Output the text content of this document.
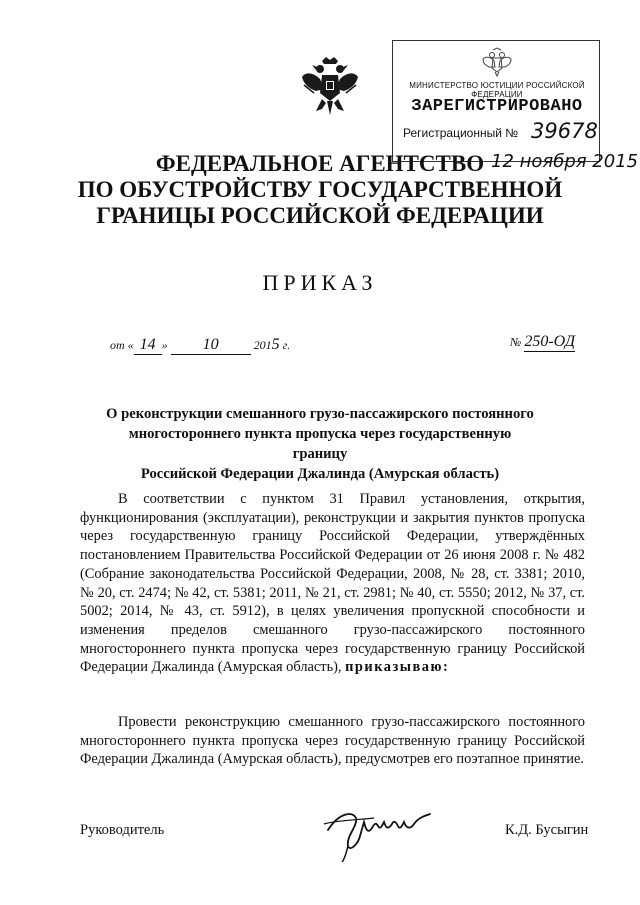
МИНИСТЕРСТВО ЮСТИЦИИ РОССИЙСКОЙ ФЕДЕРАЦИИ
ЗАРЕГИСТРИРОВАНО
Регистрационный № 39678
12 ноября 2015
ФЕДЕРАЛЬНОЕ АГЕНТСТВО
ПО ОБУСТРОЙСТВУ ГОСУДАРСТВЕННОЙ
ГРАНИЦЫ РОССИЙСКОЙ ФЕДЕРАЦИИ
ПРИКАЗ
от « 14 » 10	2015 г.	№ 250-ОД
О реконструкции смешанного грузо-пассажирского постоянного
многостороннего пункта пропуска через государственную границу
Российской Федерации Джалинда (Амурская область)
В соответствии с пунктом 31 Правил установления, открытия, функционирования (эксплуатации), реконструкции и закрытия пунктов пропуска через государственную границу Российской Федерации, утверждённых постановлением Правительства Российской Федерации от 26 июня 2008 г. № 482 (Собрание законодательства Российской Федерации, 2008, № 28, ст. 3381; 2010, № 20, ст. 2474; № 42, ст. 5381; 2011, № 21, ст. 2981; № 40, ст. 5550; 2012, № 37, ст. 5002; 2014, № 43, ст. 5912), в целях увеличения пропускной способности и изменения пределов смешанного грузо-пассажирского постоянного многостороннего пункта пропуска через государственную границу Российской Федерации Джалинда (Амурская область), приказываю:
Провести реконструкцию смешанного грузо-пассажирского постоянного многостороннего пункта пропуска через государственную границу Российской Федерации Джалинда (Амурская область), предусмотрев его поэтапное принятие.
Руководитель	К.Д. Бусыгин
